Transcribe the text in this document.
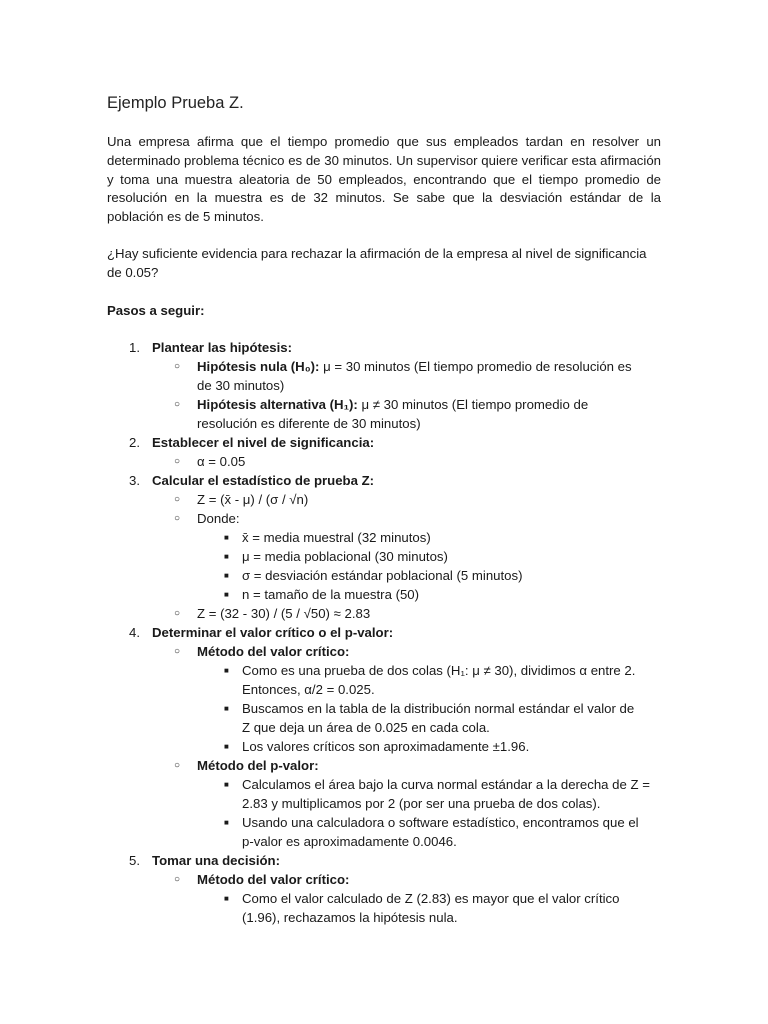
Ejemplo Prueba Z.

Una empresa afirma que el tiempo promedio que sus empleados tardan en resolver un determinado problema técnico es de 30 minutos. Un supervisor quiere verificar esta afirmación y toma una muestra aleatoria de 50 empleados, encontrando que el tiempo promedio de resolución en la muestra es de 32 minutos. Se sabe que la desviación estándar de la población es de 5 minutos.

¿Hay suficiente evidencia para rechazar la afirmación de la empresa al nivel de significancia de 0.05?

Pasos a seguir:

1. Plantear las hipótesis:
○ Hipótesis nula (H₀): μ = 30 minutos (El tiempo promedio de resolución es
de 30 minutos)
○ Hipótesis alternativa (H₁): μ ≠ 30 minutos (El tiempo promedio de
resolución es diferente de 30 minutos)
2. Establecer el nivel de significancia:
○ α = 0.05
3. Calcular el estadístico de prueba Z:
○ Z = (x̄ - μ) / (σ / √n)
○ Donde:
■ x̄ = media muestral (32 minutos)
■ μ = media poblacional (30 minutos)
■ σ = desviación estándar poblacional (5 minutos)
■ n = tamaño de la muestra (50)
○ Z = (32 - 30) / (5 / √50) ≈ 2.83
4. Determinar el valor crítico o el p-valor:
○ Método del valor crítico:
■ Como es una prueba de dos colas (H₁: μ ≠ 30), dividimos α entre 2.
Entonces, α/2 = 0.025.
■ Buscamos en la tabla de la distribución normal estándar el valor de
Z que deja un área de 0.025 en cada cola.
■ Los valores críticos son aproximadamente ±1.96.
○ Método del p-valor:
■ Calculamos el área bajo la curva normal estándar a la derecha de Z =
2.83 y multiplicamos por 2 (por ser una prueba de dos colas).
■ Usando una calculadora o software estadístico, encontramos que el
p-valor es aproximadamente 0.0046.
5. Tomar una decisión:
○ Método del valor crítico:
■ Como el valor calculado de Z (2.83) es mayor que el valor crítico
(1.96), rechazamos la hipótesis nula.
